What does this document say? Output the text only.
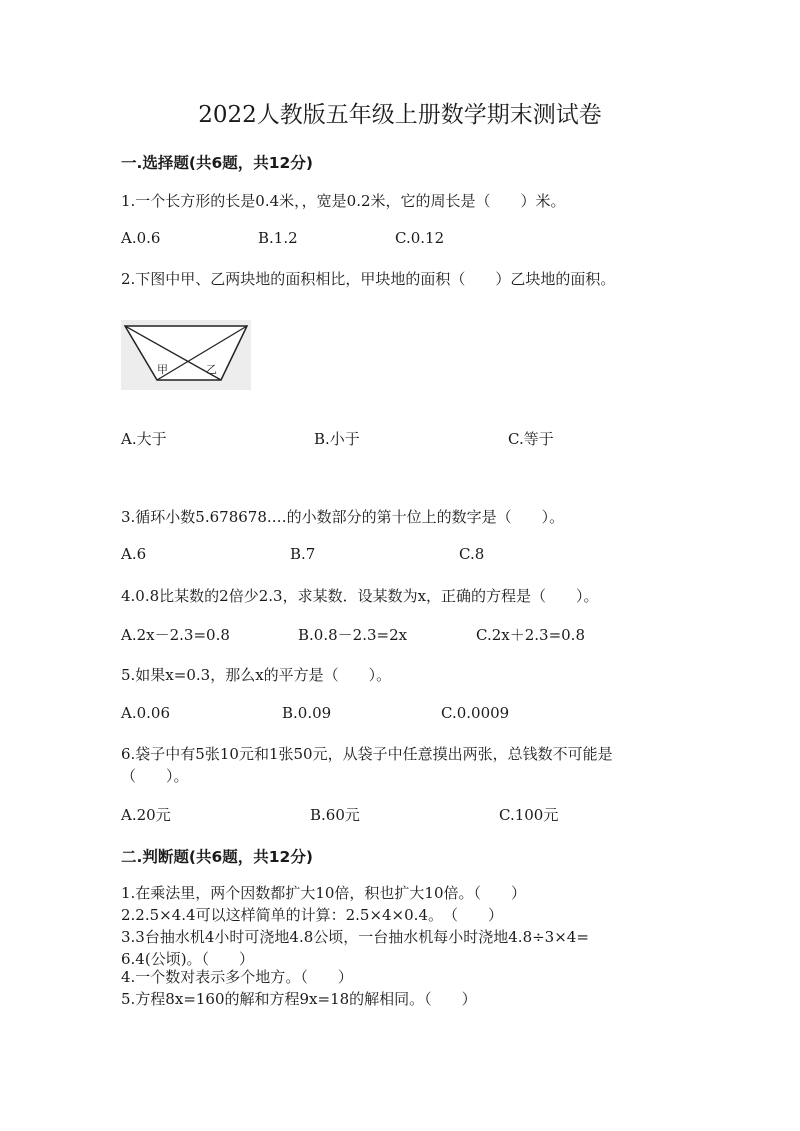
2022人教版五年级上册数学期末测试卷
一.选择题(共6题，共12分)
1.一个长方形的长是0.4米，，宽是0.2米，它的周长是（　　）米。
A.0.6	B.1.2	C.0.12
2.下图中甲、乙两块地的面积相比，甲块地的面积（　　）乙块地的面积。
甲	乙
A.大于	B.小于	C.等于
3.循环小数5.678678.…的小数部分的第十位上的数字是（　　）。
A.6	B.7	C.8
4.0.8比某数的2倍少2.3，求某数．设某数为x，正确的方程是（　　）。
A.2x－2.3=0.8	B.0.8－2.3=2x	C.2x＋2.3=0.8
5.如果x=0.3，那么x的平方是（　　）。
A.0.06	B.0.09	C.0.0009
6.袋子中有5张10元和1张50元，从袋子中任意摸出两张，总钱数不可能是
（　　）。
A.20元	B.60元	C.100元
二.判断题(共6题，共12分)
1.在乘法里，两个因数都扩大10倍，积也扩大10倍。（　　）
2.2.5×4.4可以这样简单的计算：2.5×4×0.4。　（　　）
3.3台抽水机4小时可浇地4.8公顷，一台抽水机每小时浇地4.8÷3×4=
6.4(公顷)。（　　）
4.一个数对表示多个地方。（　　）
5.方程8x=160的解和方程9x=18的解相同。（　　）
